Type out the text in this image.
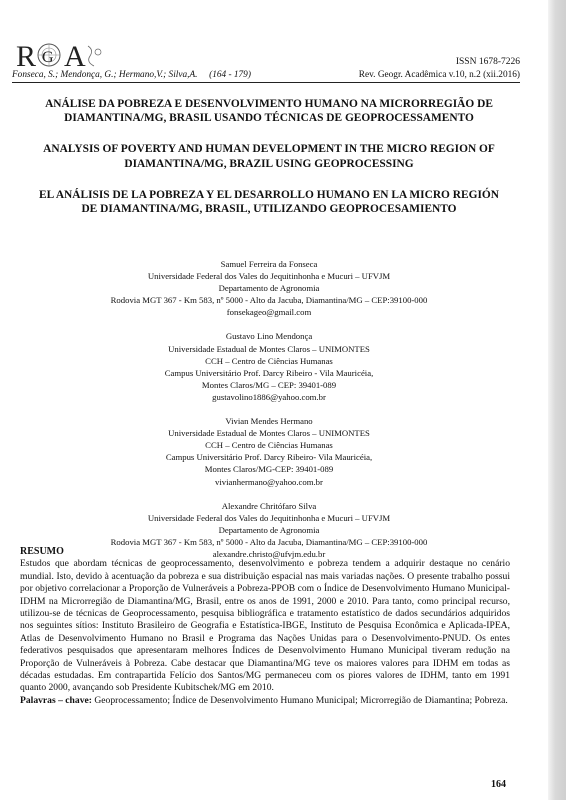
R G A	ISSN 1678-7226
Fonseca, S.; Mendonça, G.; Hermano,V.; Silva,A. (164 - 179)	Rev. Geogr. Acadêmica v.10, n.2 (xii.2016)

ANÁLISE DA POBREZA E DESENVOLVIMENTO HUMANO NA MICRORREGIÃO DE DIAMANTINA/MG, BRASIL USANDO TÉCNICAS DE GEOPROCESSAMENTO

ANALYSIS OF POVERTY AND HUMAN DEVELOPMENT IN THE MICRO REGION OF DIAMANTINA/MG, BRAZIL USING GEOPROCESSING

EL ANÁLISIS DE LA POBREZA Y EL DESARROLLO HUMANO EN LA MICRO REGIÓN DE DIAMANTINA/MG, BRASIL, UTILIZANDO GEOPROCESAMIENTO

Samuel Ferreira da Fonseca
Universidade Federal dos Vales do Jequitinhonha e Mucuri – UFVJM
Departamento de Agronomia
Rodovia MGT 367 - Km 583, nº 5000 - Alto da Jacuba, Diamantina/MG – CEP:39100-000
fonsekageo@gmail.com
Gustavo Lino Mendonça
Universidade Estadual de Montes Claros – UNIMONTES
CCH – Centro de Ciências Humanas
Campus Universitário Prof. Darcy Ribeiro - Vila Mauricéia,
Montes Claros/MG – CEP: 39401-089
gustavolino1886@yahoo.com.br
Vivian Mendes Hermano
Universidade Estadual de Montes Claros – UNIMONTES
CCH – Centro de Ciências Humanas
Campus Universitário Prof. Darcy Ribeiro- Vila Mauricéia,
Montes Claros/MG-CEP: 39401-089
vivianhermano@yahoo.com.br
Alexandre Chritófaro Silva
Universidade Federal dos Vales do Jequitinhonha e Mucuri – UFVJM
Departamento de Agronomia
Rodovia MGT 367 - Km 583, nº 5000 - Alto da Jacuba, Diamantina/MG – CEP:39100-000
alexandre.christo@ufvjm.edu.br
RESUMO

Estudos que abordam técnicas de geoprocessamento, desenvolvimento e pobreza tendem a adquirir destaque no cenário mundial. Isto, devido à acentuação da pobreza e sua distribuição espacial nas mais variadas nações. O presente trabalho possui por objetivo correlacionar a Proporção de Vulneráveis a Pobreza-PPOB com o Índice de Desenvolvimento Humano Municipal-IDHM na Microrregião de Diamantina/MG, Brasil, entre os anos de 1991, 2000 e 2010. Para tanto, como principal recurso, utilizou-se de técnicas de Geoprocessamento, pesquisa bibliográfica e tratamento estatístico de dados secundários adquiridos nos seguintes sítios: Instituto Brasileiro de Geografia e Estatística-IBGE, Instituto de Pesquisa Econômica e Aplicada-IPEA, Atlas de Desenvolvimento Humano no Brasil e Programa das Nações Unidas para o Desenvolvimento-PNUD. Os entes federativos pesquisados que apresentaram melhores Índices de Desenvolvimento Humano Municipal tiveram redução na Proporção de Vulneráveis à Pobreza. Cabe destacar que Diamantina/MG teve os maiores valores para IDHM em todas as décadas estudadas. Em contrapartida Felício dos Santos/MG permaneceu com os piores valores de IDHM, tanto em 1991 quanto 2000, avançando sob Presidente Kubitschek/MG em 2010.

Palavras – chave: Geoprocessamento; Índice de Desenvolvimento Humano Municipal; Microrregião de Diamantina; Pobreza.

164
